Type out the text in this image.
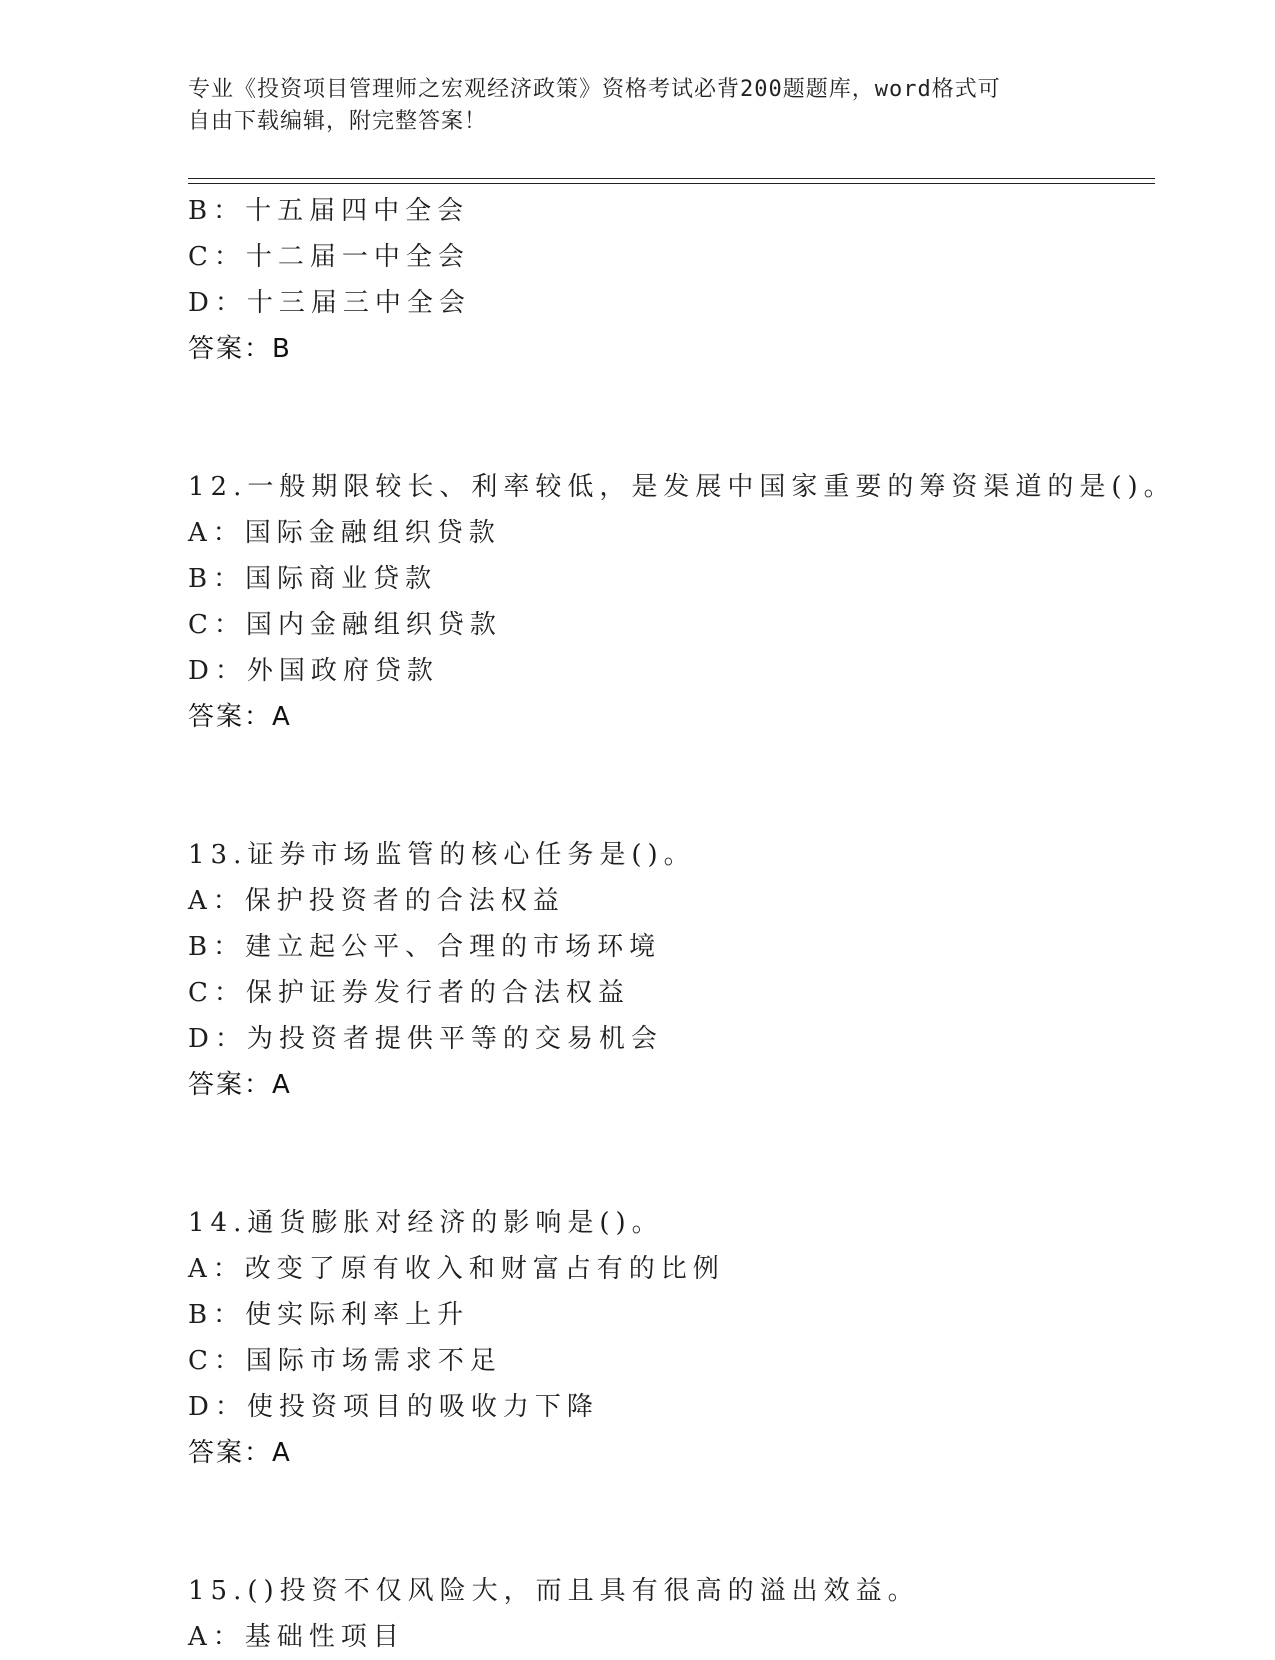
专业《投资项目管理师之宏观经济政策》资格考试必背200题题库，word格式可
自由下载编辑，附完整答案！
B：十五届四中全会
C：十二届一中全会
D：十三届三中全会
答案：B
12.一般期限较长、利率较低，是发展中国家重要的筹资渠道的是()。
A：国际金融组织贷款
B：国际商业贷款
C：国内金融组织贷款
D：外国政府贷款
答案：A
13.证券市场监管的核心任务是()。
A：保护投资者的合法权益
B：建立起公平、合理的市场环境
C：保护证券发行者的合法权益
D：为投资者提供平等的交易机会
答案：A
14.通货膨胀对经济的影响是()。
A：改变了原有收入和财富占有的比例
B：使实际利率上升
C：国际市场需求不足
D：使投资项目的吸收力下降
答案：A
15.()投资不仅风险大，而且具有很高的溢出效益。
A：基础性项目
